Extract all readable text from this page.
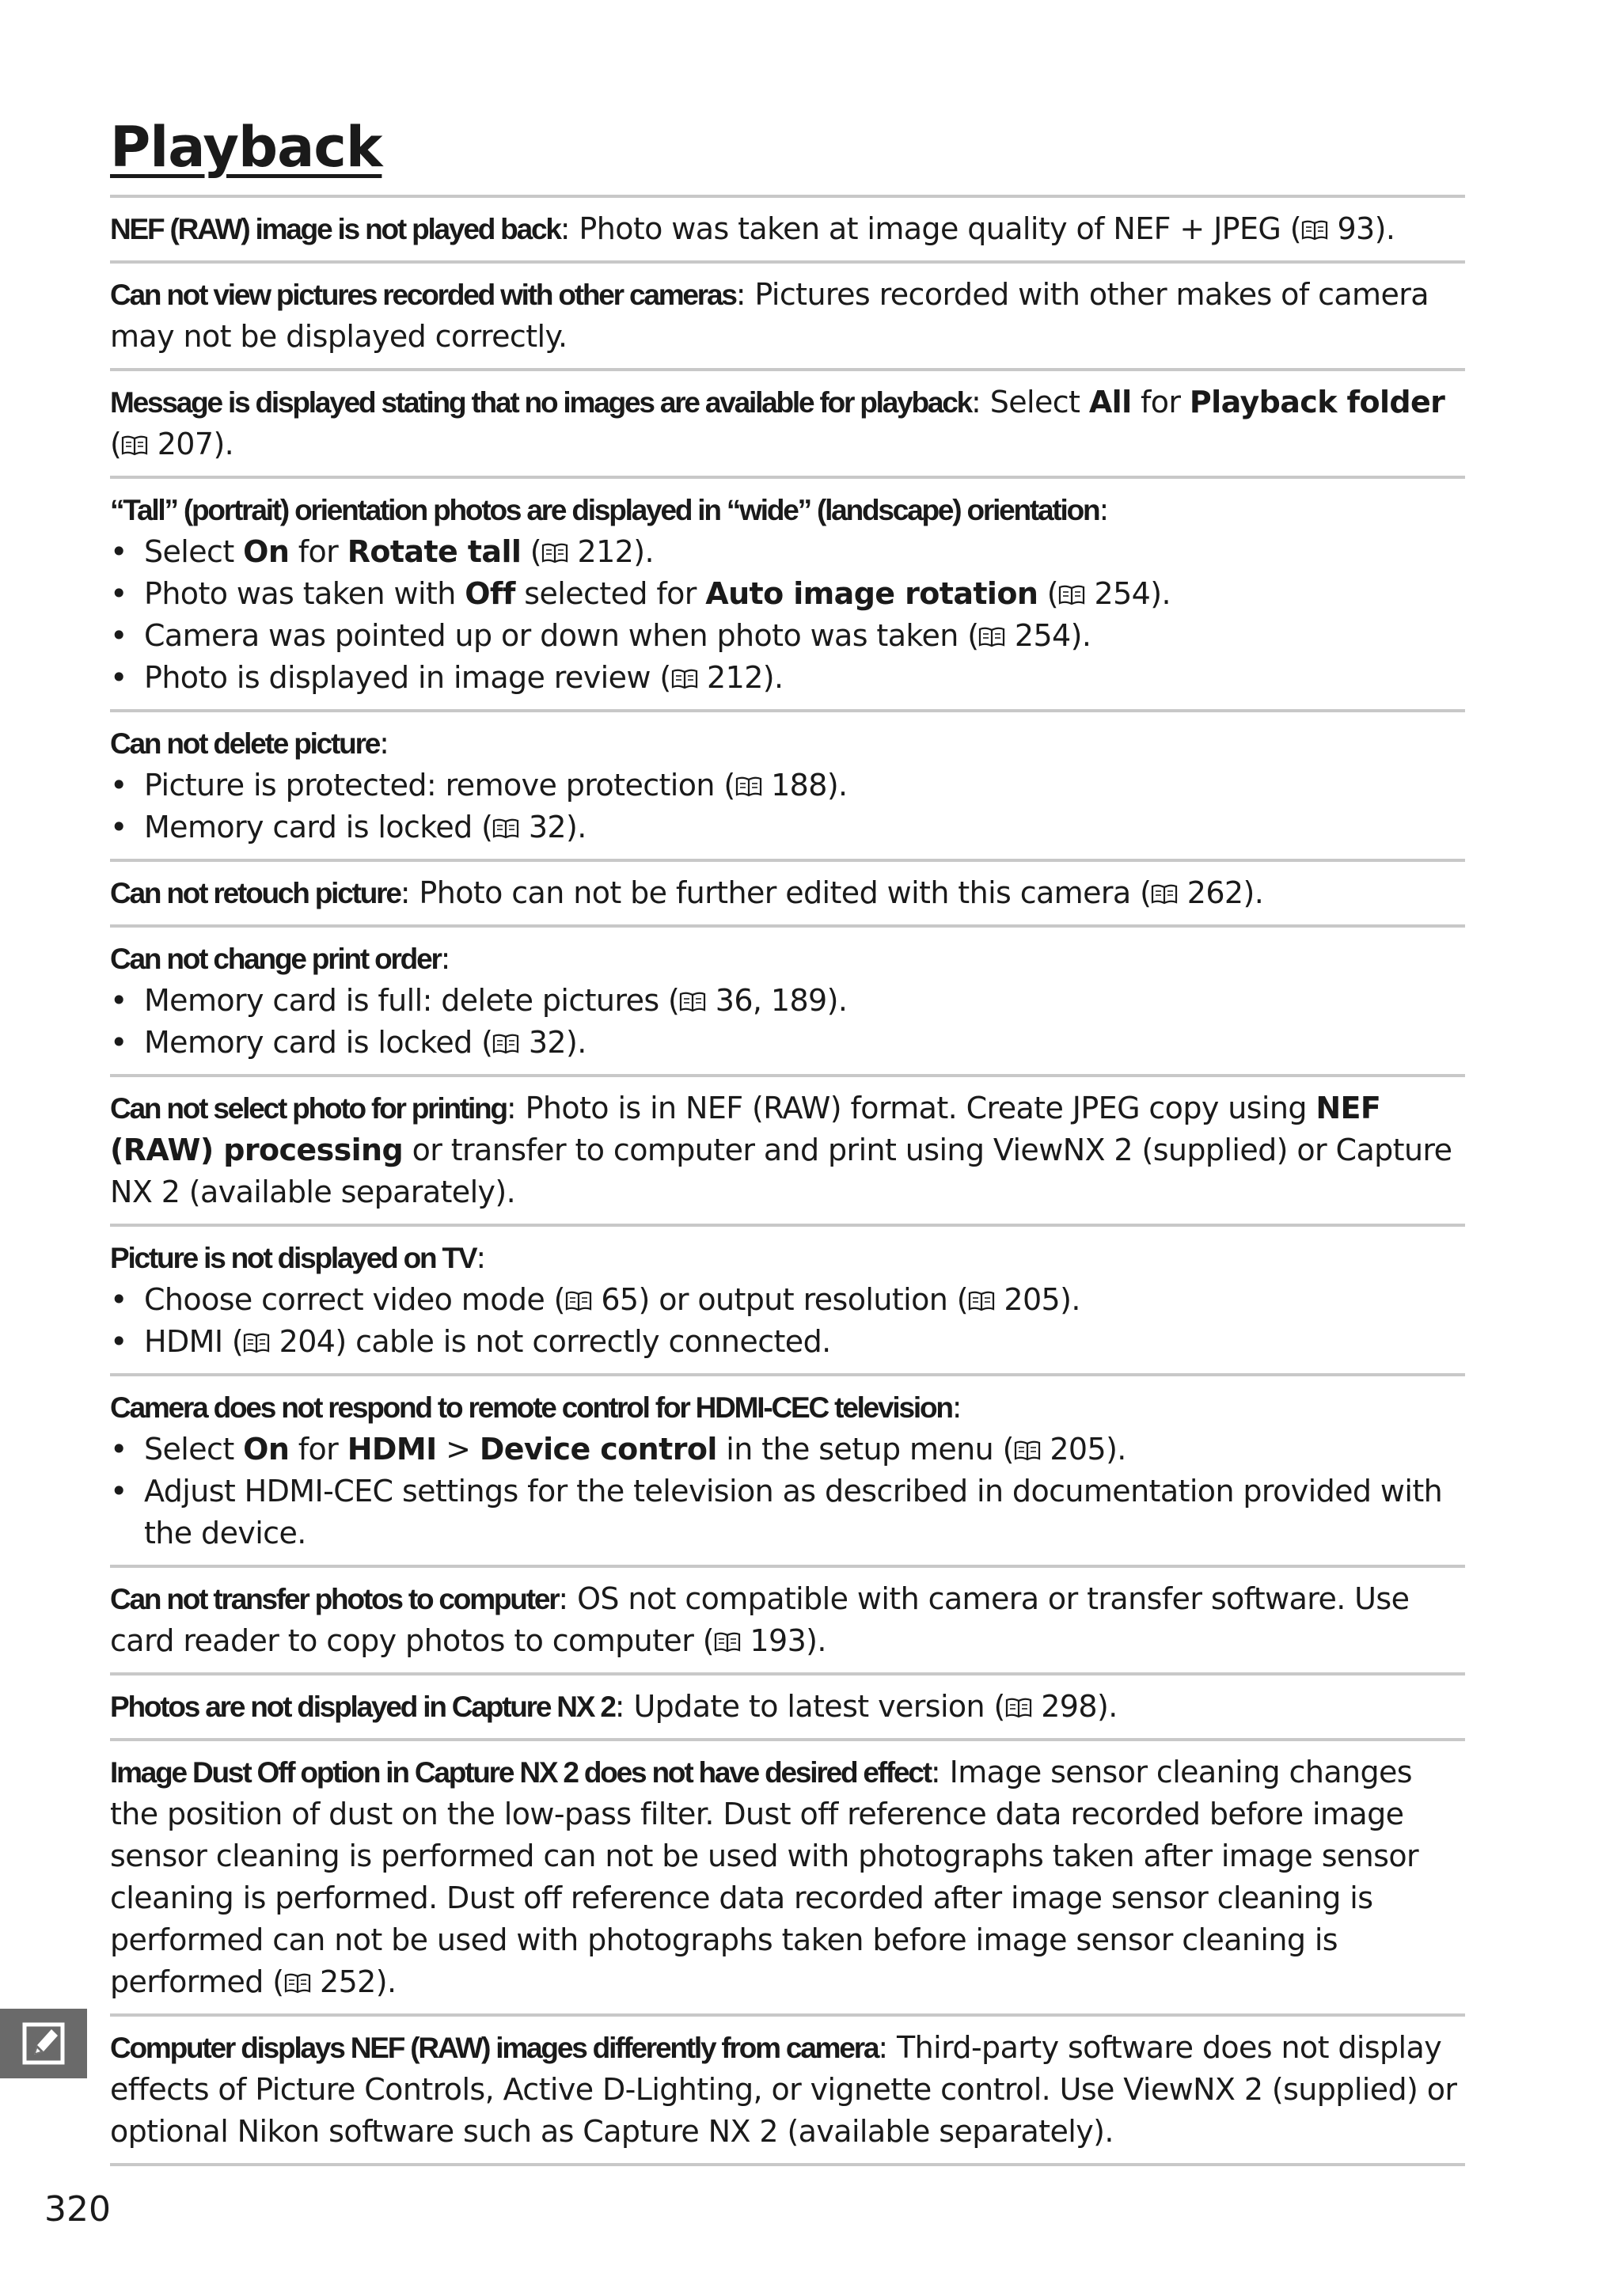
Playback
NEF (RAW) image is not played back: Photo was taken at image quality of NEF + JPEG ( 93).
Can not view pictures recorded with other cameras: Pictures recorded with other makes of camera may not be displayed correctly.
Message is displayed stating that no images are available for playback: Select All for Playback folder
( 207).
“Tall” (portrait) orientation photos are displayed in “wide” (landscape) orientation:
• Select On for Rotate tall ( 212).
• Photo was taken with Off selected for Auto image rotation ( 254).
• Camera was pointed up or down when photo was taken ( 254).
• Photo is displayed in image review ( 212).
Can not delete picture:
• Picture is protected: remove protection ( 188).
• Memory card is locked ( 32).
Can not retouch picture: Photo can not be further edited with this camera ( 262).
Can not change print order:
• Memory card is full: delete pictures ( 36, 189).
• Memory card is locked ( 32).
Can not select photo for printing: Photo is in NEF (RAW) format. Create JPEG copy using NEF (RAW) processing or transfer to computer and print using ViewNX 2 (supplied) or Capture NX 2 (available separately).
Picture is not displayed on TV:
• Choose correct video mode ( 65) or output resolution ( 205).
• HDMI ( 204) cable is not correctly connected.
Camera does not respond to remote control for HDMI-CEC television:
• Select On for HDMI > Device control in the setup menu ( 205).
• Adjust HDMI-CEC settings for the television as described in documentation provided with the device.
Can not transfer photos to computer: OS not compatible with camera or transfer software. Use card reader to copy photos to computer ( 193).
Photos are not displayed in Capture NX 2: Update to latest version ( 298).
Image Dust Off option in Capture NX 2 does not have desired effect: Image sensor cleaning changes the position of dust on the low-pass filter. Dust off reference data recorded before image sensor cleaning is performed can not be used with photographs taken after image sensor cleaning is performed. Dust off reference data recorded after image sensor cleaning is performed can not be used with photographs taken before image sensor cleaning is performed ( 252).
Computer displays NEF (RAW) images differently from camera: Third-party software does not display effects of Picture Controls, Active D-Lighting, or vignette control. Use ViewNX 2 (supplied) or optional Nikon software such as Capture NX 2 (available separately).
320
